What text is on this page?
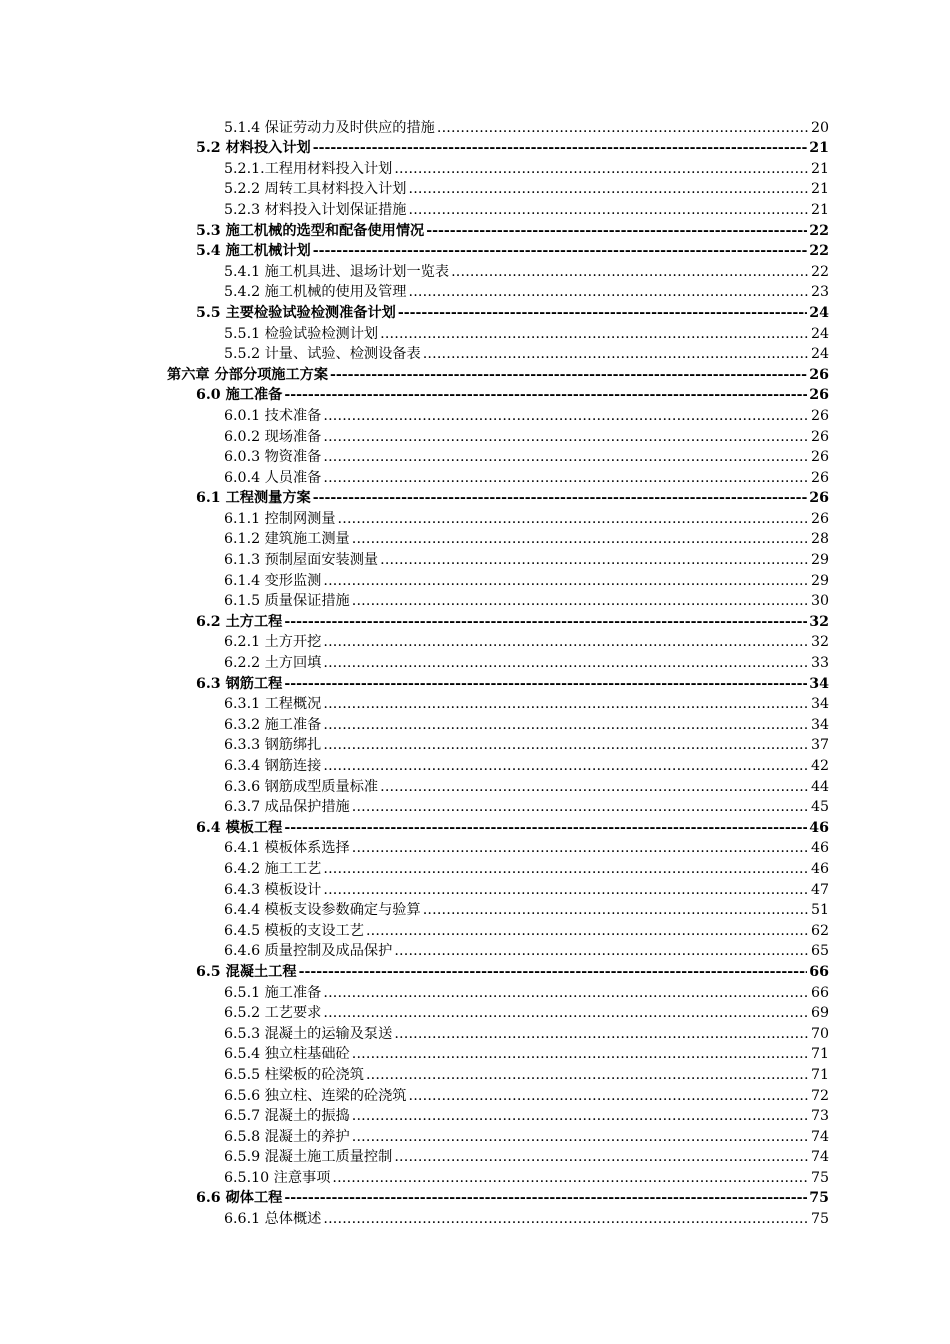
5.1.4 保证劳动力及时供应的措施 .....	20
5.2 材料投入计划 -----	21
5.2.1.工程用材料投入计划 .....	21
5.2.2 周转工具材料投入计划 .....	21
5.2.3 材料投入计划保证措施 .....	21
5.3 施工机械的选型和配备使用情况 -----	22
5.4 施工机械计划 -----	22
5.4.1 施工机具进、退场计划一览表 .....	22
5.4.2 施工机械的使用及管理 .....	23
5.5 主要检验试验检测准备计划 -----	24
5.5.1 检验试验检测计划 .....	24
5.5.2 计量、试验、检测设备表 .....	24
第六章 分部分项施工方案 -----	26
6.0 施工准备 -----	26
6.0.1 技术准备 .....	26
6.0.2 现场准备 .....	26
6.0.3 物资准备 .....	26
6.0.4 人员准备 .....	26
6.1 工程测量方案 -----	26
6.1.1 控制网测量 .....	26
6.1.2 建筑施工测量 .....	28
6.1.3 预制屋面安装测量 .....	29
6.1.4 变形监测 .....	29
6.1.5 质量保证措施 .....	30
6.2 土方工程 -----	32
6.2.1 土方开挖 .....	32
6.2.2 土方回填 .....	33
6.3 钢筋工程 -----	34
6.3.1 工程概况 .....	34
6.3.2 施工准备 .....	34
6.3.3 钢筋绑扎 .....	37
6.3.4 钢筋连接 .....	42
6.3.6 钢筋成型质量标准 .....	44
6.3.7 成品保护措施 .....	45
6.4 模板工程 -----	46
6.4.1 模板体系选择 .....	46
6.4.2 施工工艺 .....	46
6.4.3 模板设计 .....	47
6.4.4 模板支设参数确定与验算 .....	51
6.4.5 模板的支设工艺 .....	62
6.4.6 质量控制及成品保护 .....	65
6.5 混凝土工程 -----	66
6.5.1 施工准备 .....	66
6.5.2 工艺要求 .....	69
6.5.3 混凝土的运输及泵送 .....	70
6.5.4 独立柱基础砼 .....	71
6.5.5 柱梁板的砼浇筑 .....	71
6.5.6 独立柱、连梁的砼浇筑 .....	72
6.5.7 混凝土的振捣 .....	73
6.5.8 混凝土的养护 .....	74
6.5.9 混凝土施工质量控制 .....	74
6.5.10 注意事项 .....	75
6.6 砌体工程 -----	75
6.6.1 总体概述 .....	75
